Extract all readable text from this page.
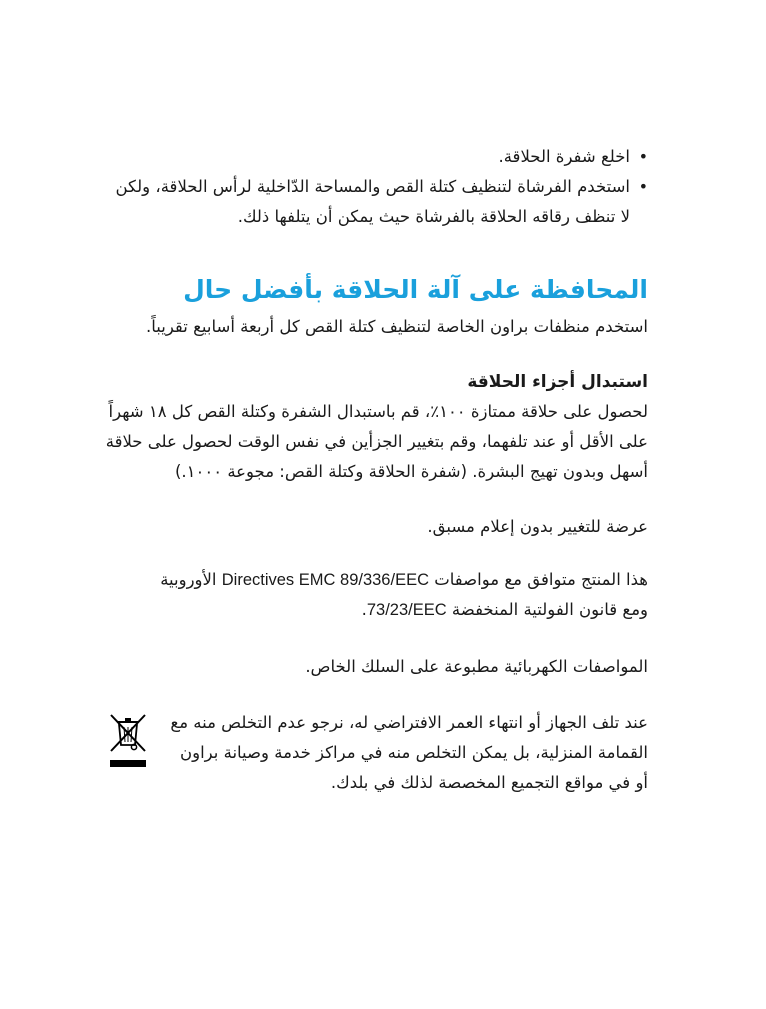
•
اخلع شفرة الحلاقة.
•
استخدم الفرشاة لتنظيف كتلة القص والمساحة الدّاخلية لرأس الحلاقة، ولكن
لا تنظف رقاقه الحلاقة بالفرشاة حيث يمكن أن يتلفها ذلك.
المحافظة على آلة الحلاقة بأفضل حال
استخدم منظفات براون الخاصة لتنظيف كتلة القص كل أربعة أسابيع تقريباً.
استبدال أجزاء الحلاقة
لحصول على حلاقة ممتازة ١٠٠٪، قم باستبدال الشفرة وكتلة القص كل ١٨ شهراً
على الأقل أو عند تلفهما، وقم بتغيير الجزأين في نفس الوقت لحصول على حلاقة
أسهل وبدون تهيج البشرة. (شفرة الحلاقة وكتلة القص: مجوعة ١٠٠٠.)
عرضة للتغيير بدون إعلام مسبق.
هذا المنتج متوافق مع مواصفات Directives EMC 89/336/EEC الأوروبية
ومع قانون الفولتية المنخفضة 73/23/EEC.
المواصفات الكهربائية مطبوعة على السلك الخاص.
عند تلف الجهاز أو انتهاء العمر الافتراضي له، نرجو عدم التخلص منه مع
القمامة المنزلية، بل يمكن التخلص منه في مراكز خدمة وصيانة براون
أو في مواقع التجميع المخصصة لذلك في بلدك.
